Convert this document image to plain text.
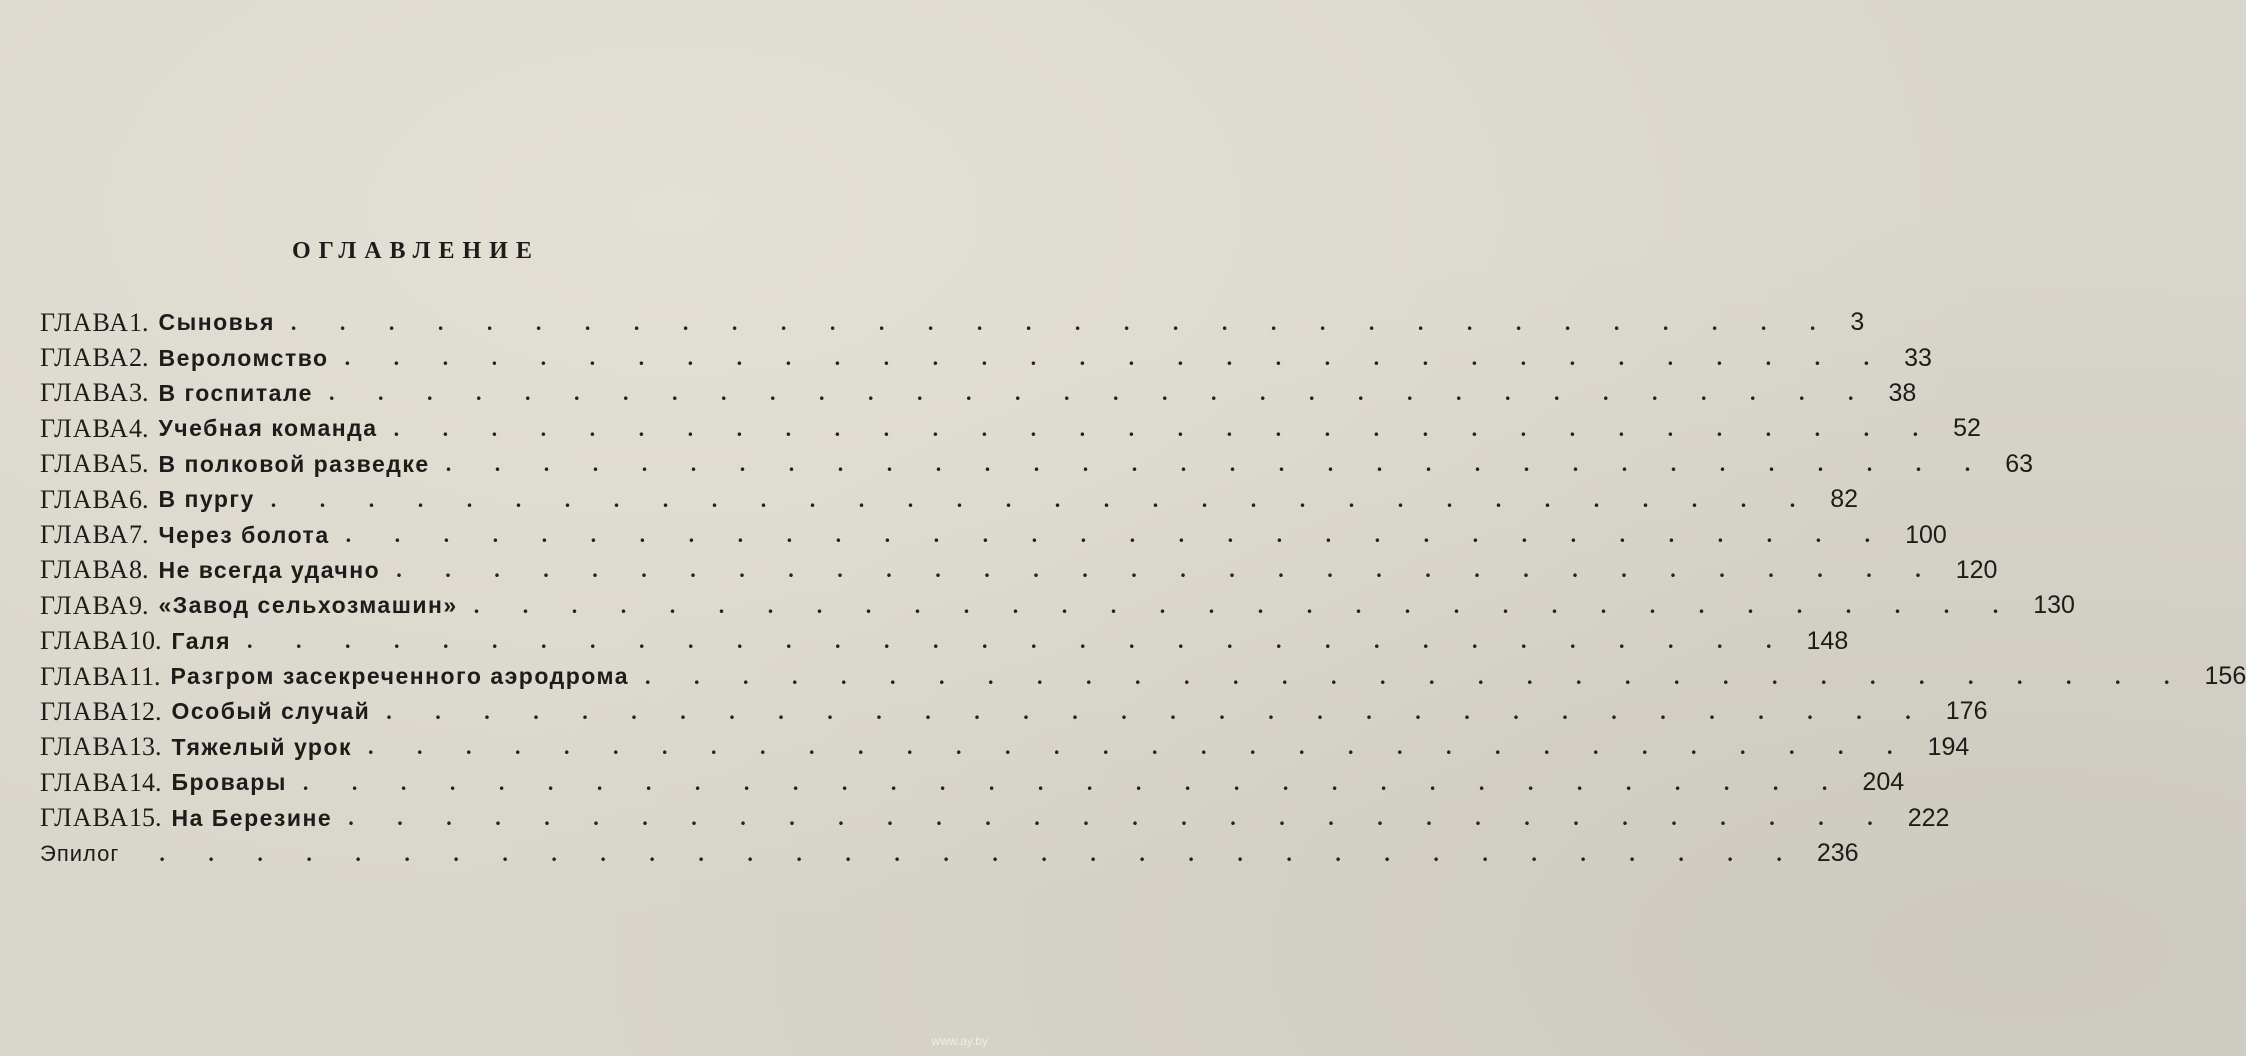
ОГЛАВЛЕНИЕ
ГЛАВА 1. Сыновья . . . . . . . . . . . . . . . . . . . . . . . . . . . . . . . . 3
ГЛАВА 2. Вероломство . . . . . . . . . . . . . . . . . . . . . . . . . . . . . . . . 33
ГЛАВА 3. В госпитале . . . . . . . . . . . . . . . . . . . . . . . . . . . . . . . . 38
ГЛАВА 4. Учебная команда . . . . . . . . . . . . . . . . . . . . . . . . . . . . . . . . 52
ГЛАВА 5. В полковой разведке . . . . . . . . . . . . . . . . . . . . . . . . . . . . . . . . 63
ГЛАВА 6. В пургу . . . . . . . . . . . . . . . . . . . . . . . . . . . . . . . . 82
ГЛАВА 7. Через болота . . . . . . . . . . . . . . . . . . . . . . . . . . . . . . . . 100
ГЛАВА 8. Не всегда удачно . . . . . . . . . . . . . . . . . . . . . . . . . . . . . . . . 120
ГЛАВА 9. «Завод сельхозмашин» . . . . . . . . . . . . . . . . . . . . . . . . . . . . . . . . 130
ГЛАВА 10. Галя . . . . . . . . . . . . . . . . . . . . . . . . . . . . . . . . 148
ГЛАВА 11. Разгром засекреченного аэродрома . . . . . . . . . . . . . . . . . . . . . . . . . . . . . . . . 156
ГЛАВА 12. Особый случай . . . . . . . . . . . . . . . . . . . . . . . . . . . . . . . . 176
ГЛАВА 13. Тяжелый урок . . . . . . . . . . . . . . . . . . . . . . . . . . . . . . . . 194
ГЛАВА 14. Бровары . . . . . . . . . . . . . . . . . . . . . . . . . . . . . . . . 204
ГЛАВА 15. На Березине . . . . . . . . . . . . . . . . . . . . . . . . . . . . . . . . 222
Эпилог . . . . . . . . . . . . . . . . . . . . . . . . . . . . . . . . . . 236
www.ay.by
